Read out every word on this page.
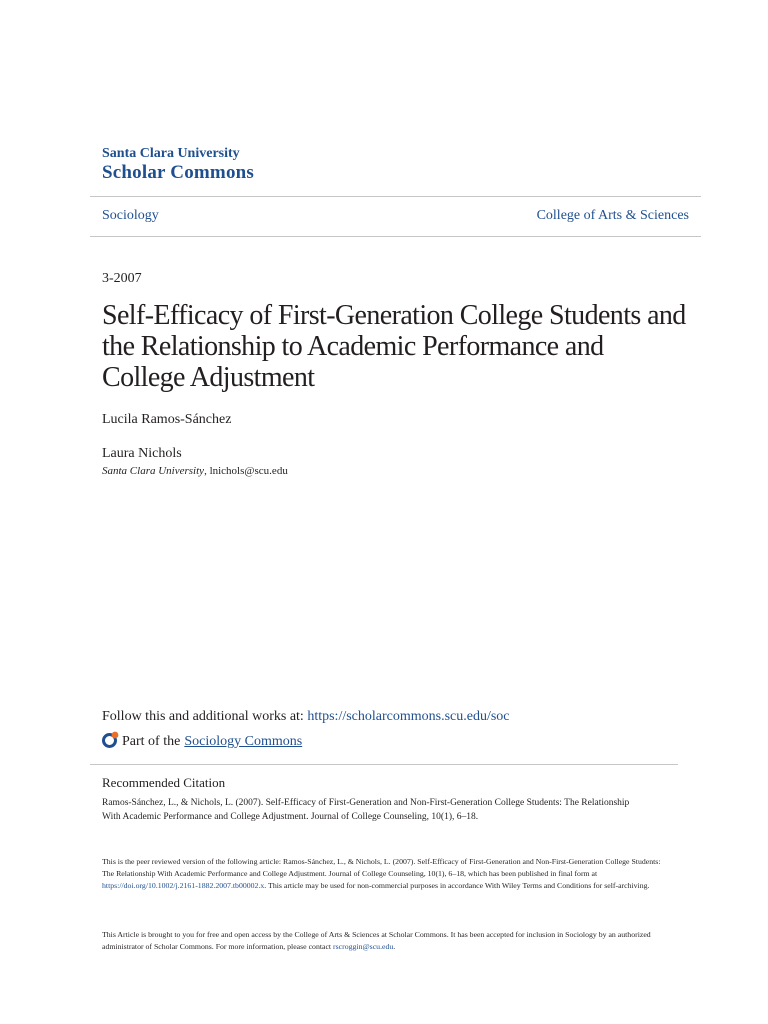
Santa Clara University
Scholar Commons
Sociology	College of Arts & Sciences
3-2007
Self-Efficacy of First-Generation College Students and the Relationship to Academic Performance and College Adjustment
Lucila Ramos-Sánchez
Laura Nichols
Santa Clara University, lnichols@scu.edu
Follow this and additional works at: https://scholarcommons.scu.edu/soc
Part of the Sociology Commons
Recommended Citation
Ramos-Sánchez, L., & Nichols, L. (2007). Self-Efficacy of First-Generation and Non-First-Generation College Students: The Relationship With Academic Performance and College Adjustment. Journal of College Counseling, 10(1), 6–18.
This is the peer reviewed version of the following article: Ramos-Sánchez, L., & Nichols, L. (2007). Self-Efficacy of First-Generation and Non-First-Generation College Students: The Relationship With Academic Performance and College Adjustment. Journal of College Counseling, 10(1), 6–18, which has been published in final form at https://doi.org/10.1002/j.2161-1882.2007.tb00002.x. This article may be used for non-commercial purposes in accordance With Wiley Terms and Conditions for self-archiving.
This Article is brought to you for free and open access by the College of Arts & Sciences at Scholar Commons. It has been accepted for inclusion in Sociology by an authorized administrator of Scholar Commons. For more information, please contact rscroggin@scu.edu.
